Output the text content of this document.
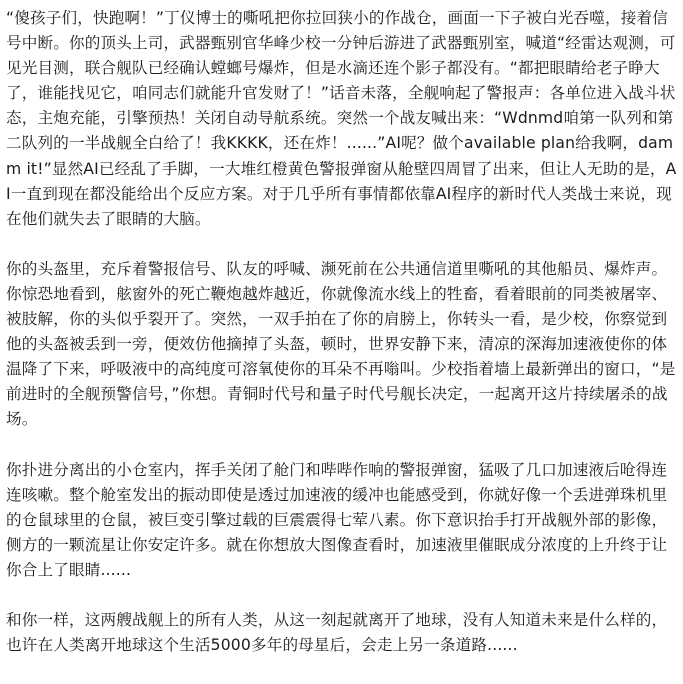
“傻孩子们，快跑啊！”丁仪博士的嘶吼把你拉回狭小的作战仓，画面一下子被白光吞噬，接着信号中断。你的顶头上司，武器甄别官华峰少校一分钟后游进了武器甄别室，喊道“经雷达观测，可见光目测，联合舰队已经确认螳螂号爆炸，但是水滴还连个影子都没有。“都把眼睛给老子睁大了，谁能找见它，咱同志们就能升官发财了！”话音未落，全舰响起了警报声：各单位进入战斗状态，主炮充能，引擎预热！关闭自动导航系统。突然一个战友喊出来：“Wdnmd咱第一队列和第二队列的一半战舰全白给了！我KKKK，还在炸！......”AI呢？做个available plan给我啊，damm it!”显然AI已经乱了手脚，一大堆红橙黄色警报弹窗从舱壁四周冒了出来，但让人无助的是，AI一直到现在都没能给出个反应方案。对于几乎所有事情都依靠AI程序的新时代人类战士来说，现在他们就失去了眼睛的大脑。

你的头盔里，充斥着警报信号、队友的呼喊、濒死前在公共通信道里嘶吼的其他船员、爆炸声。你惊恐地看到，舷窗外的死亡鞭炮越炸越近，你就像流水线上的牲畜，看着眼前的同类被屠宰、被肢解，你的头似乎裂开了。突然，一双手拍在了你的肩膀上，你转头一看，是少校，你察觉到他的头盔被丢到一旁，便效仿他摘掉了头盔，顿时，世界安静下来，清凉的深海加速液使你的体温降了下来，呼吸液中的高纯度可溶氧使你的耳朵不再嗡叫。少校指着墙上最新弹出的窗口，“是前进时的全舰预警信号，”你想。青铜时代号和量子时代号舰长决定，一起离开这片持续屠杀的战场。

你扑进分离出的小仓室内，挥手关闭了舱门和哔哔作响的警报弹窗，猛吸了几口加速液后呛得连连咳嗽。整个舱室发出的振动即使是透过加速液的缓冲也能感受到，你就好像一个丢进弹珠机里的仓鼠球里的仓鼠，被巨变引擎过载的巨震震得七荤八素。你下意识抬手打开战舰外部的影像，侧方的一颗流星让你安定许多。就在你想放大图像查看时，加速液里催眠成分浓度的上升终于让你合上了眼睛......

和你一样，这两艘战舰上的所有人类，从这一刻起就离开了地球，没有人知道未来是什么样的，也许在人类离开地球这个生活5000多年的母星后，会走上另一条道路......
